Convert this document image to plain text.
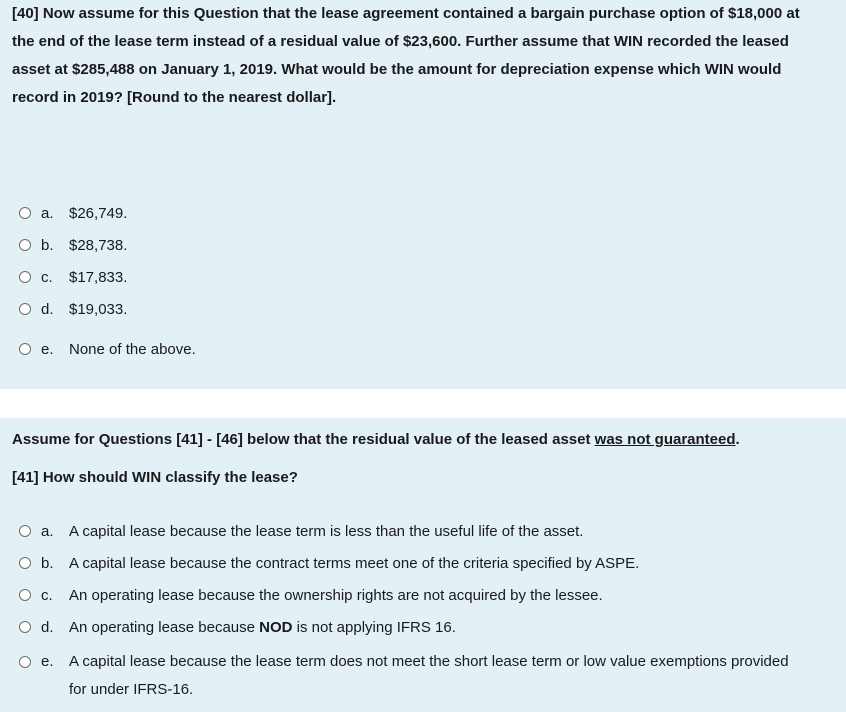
[40] Now assume for this Question that the lease agreement contained a bargain purchase option of $18,000 at the end of the lease term instead of a residual value of $23,600. Further assume that WIN recorded the leased asset at $285,488 on January 1, 2019. What would be the amount for depreciation expense which WIN would record in 2019? [Round to the nearest dollar].

a. $26,749.
b. $28,738.
c. $17,833.
d. $19,033.
e. None of the above.
Assume for Questions [41] - [46] below that the residual value of the leased asset was not guaranteed.
[41] How should WIN classify the lease?
a. A capital lease because the lease term is less than the useful life of the asset.
b. A capital lease because the contract terms meet one of the criteria specified by ASPE.
c. An operating lease because the ownership rights are not acquired by the lessee.
d. An operating lease because NOD is not applying IFRS 16.
e. A capital lease because the lease term does not meet the short lease term or low value exemptions provided for under IFRS-16.
